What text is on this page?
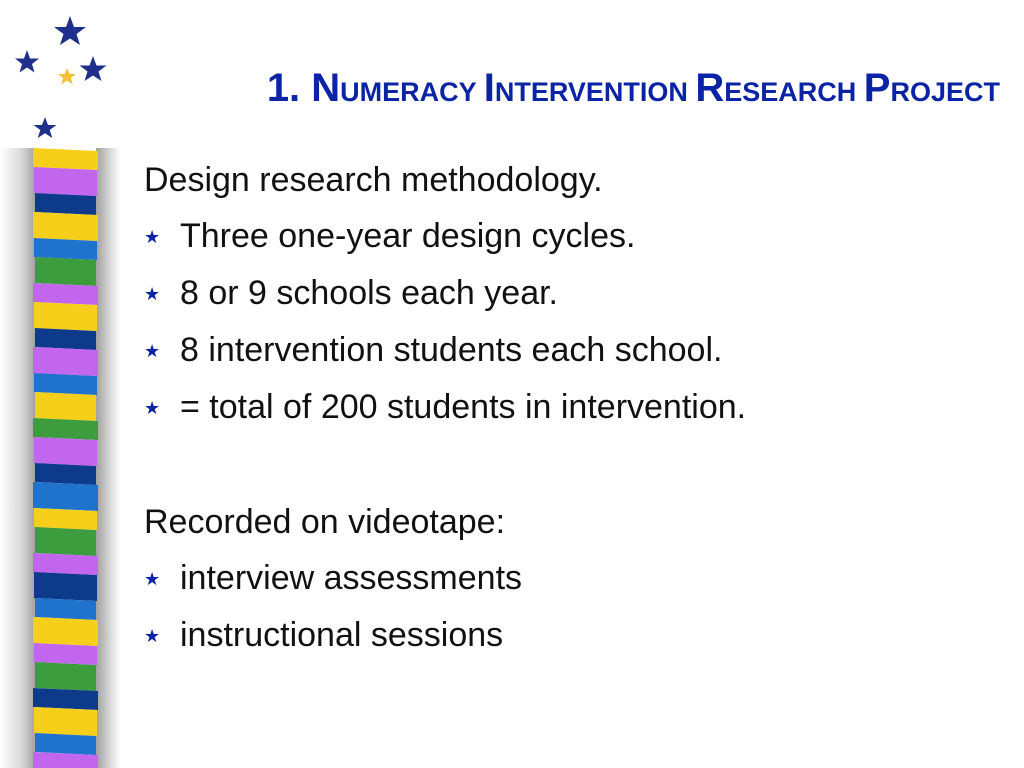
1. NUMERACY INTERVENTION RESEARCH PROJECT

Design research methodology.

★ Three one-year design cycles.
★ 8 or 9 schools each year.
★ 8 intervention students each school.
★ = total of 200 students in intervention.

Recorded on videotape:

★ interview assessments
★ instructional sessions
